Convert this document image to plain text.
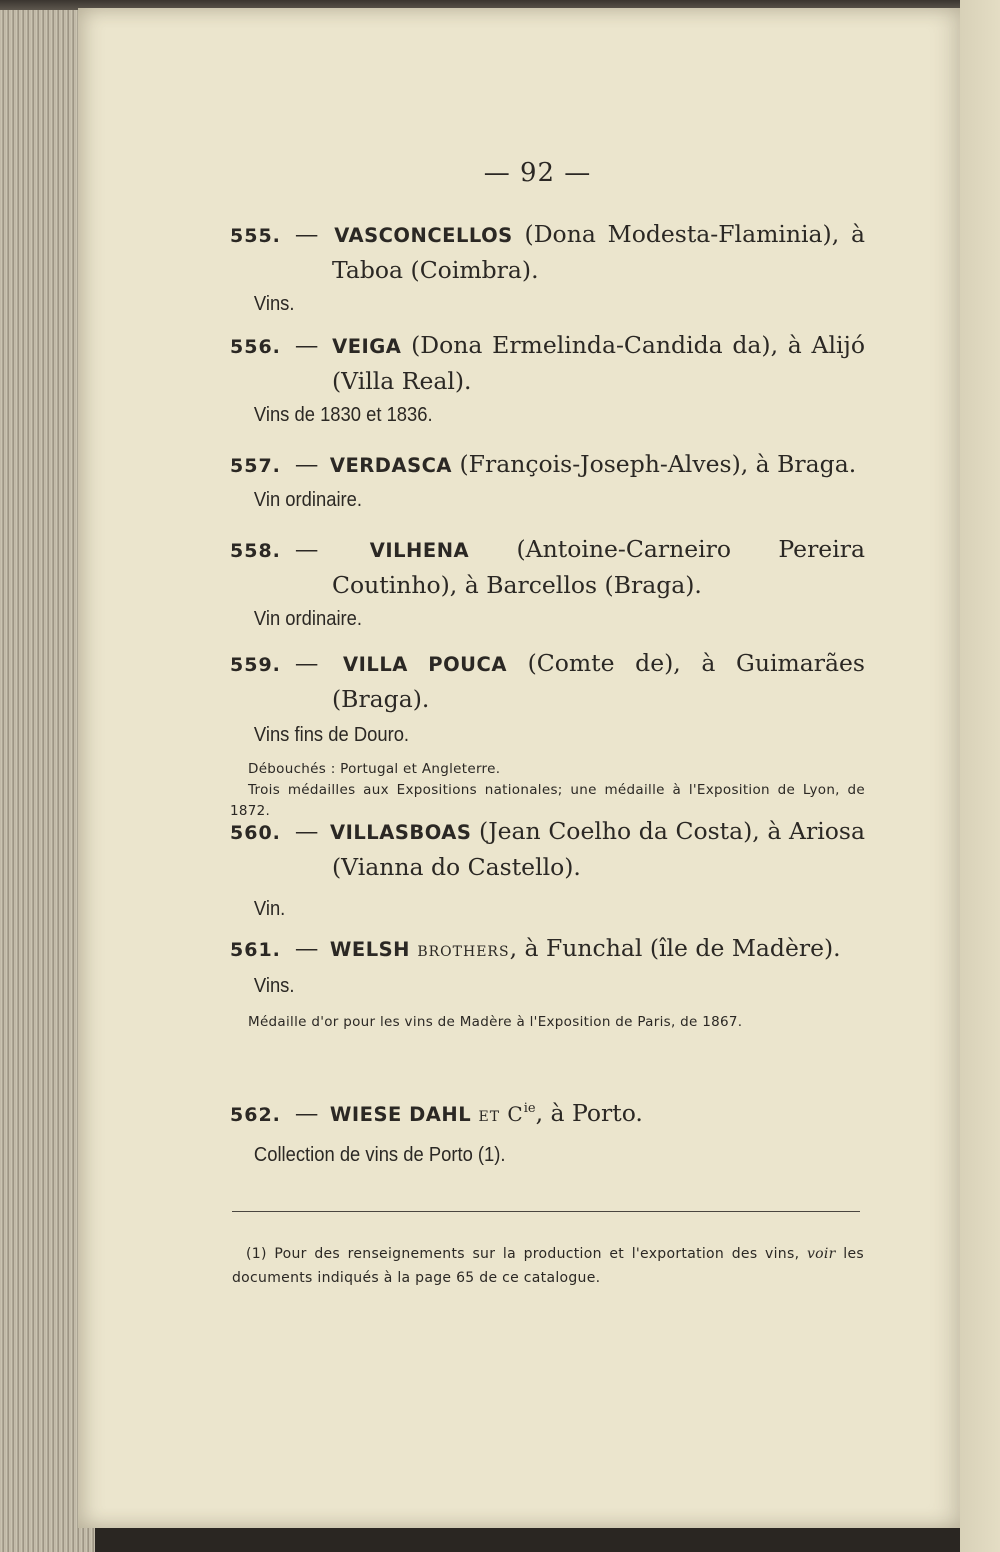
— 92 —
555. — VASCONCELLOS (Dona Modesta-Flaminia), à Taboa (Coimbra).
Vins.
556. — VEIGA (Dona Ermelinda-Candida da), à Alijó (Villa Real).
Vins de 1830 et 1836.
557. — VERDASCA (François-Joseph-Alves), à Braga.
Vin ordinaire.
558. —	VILHENA (Antoine-Carneiro Pereira Coutinho), à Barcellos (Braga).
Vin ordinaire.
559. — VILLA POUCA (Comte de), à Guimarães (Braga).
Vins fins de Douro.
Débouchés : Portugal et Angleterre.
Trois médailles aux Expositions nationales; une médaille à l'Exposition de Lyon, de 1872.
560. — VILLASBOAS (Jean Coelho da Costa), à Ariosa (Vianna do Castello).
Vin.
561. — WELSH brothers, à Funchal (île de Madère).
Vins.
Médaille d'or pour les vins de Madère à l'Exposition de Paris, de 1867.
562. — WIESE DAHL et $C^{ie}$, à Porto.
Collection de vins de Porto (1).
(1) Pour des renseignements sur la production et l'exportation des vins, voir les documents indiqués à la page 65 de ce catalogue.
